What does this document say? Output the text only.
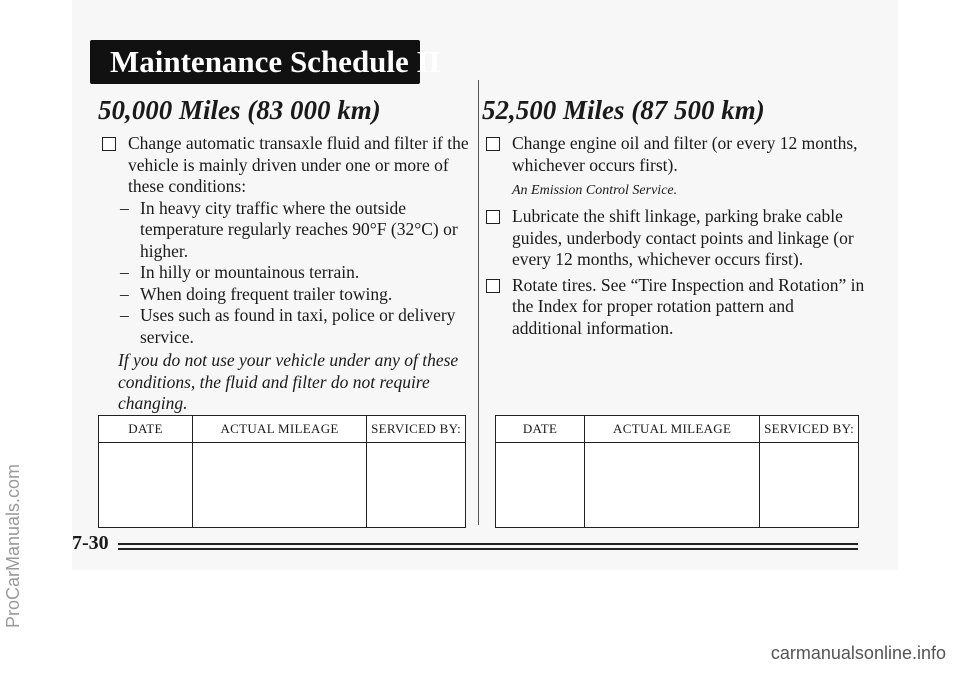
Maintenance Schedule II
50,000 Miles (83 000 km)
Change automatic transaxle fluid and filter if the vehicle is mainly driven under one or more of these conditions:
– In heavy city traffic where the outside temperature regularly reaches 90°F (32°C) or higher.
– In hilly or mountainous terrain.
– When doing frequent trailer towing.
– Uses such as found in taxi, police or delivery service.
If you do not use your vehicle under any of these conditions, the fluid and filter do not require changing.
52,500 Miles (87 500 km)
Change engine oil and filter (or every 12 months, whichever occurs first).
An Emission Control Service.
Lubricate the shift linkage, parking brake cable guides, underbody contact points and linkage (or every 12 months, whichever occurs first).
Rotate tires. See “Tire Inspection and Rotation” in the Index for proper rotation pattern and additional information.
DATE	ACTUAL MILEAGE	SERVICED BY:
			DATE	ACTUAL MILEAGE	SERVICED BY:

7-30
ProCarManuals.com
carmanualsonline.info
